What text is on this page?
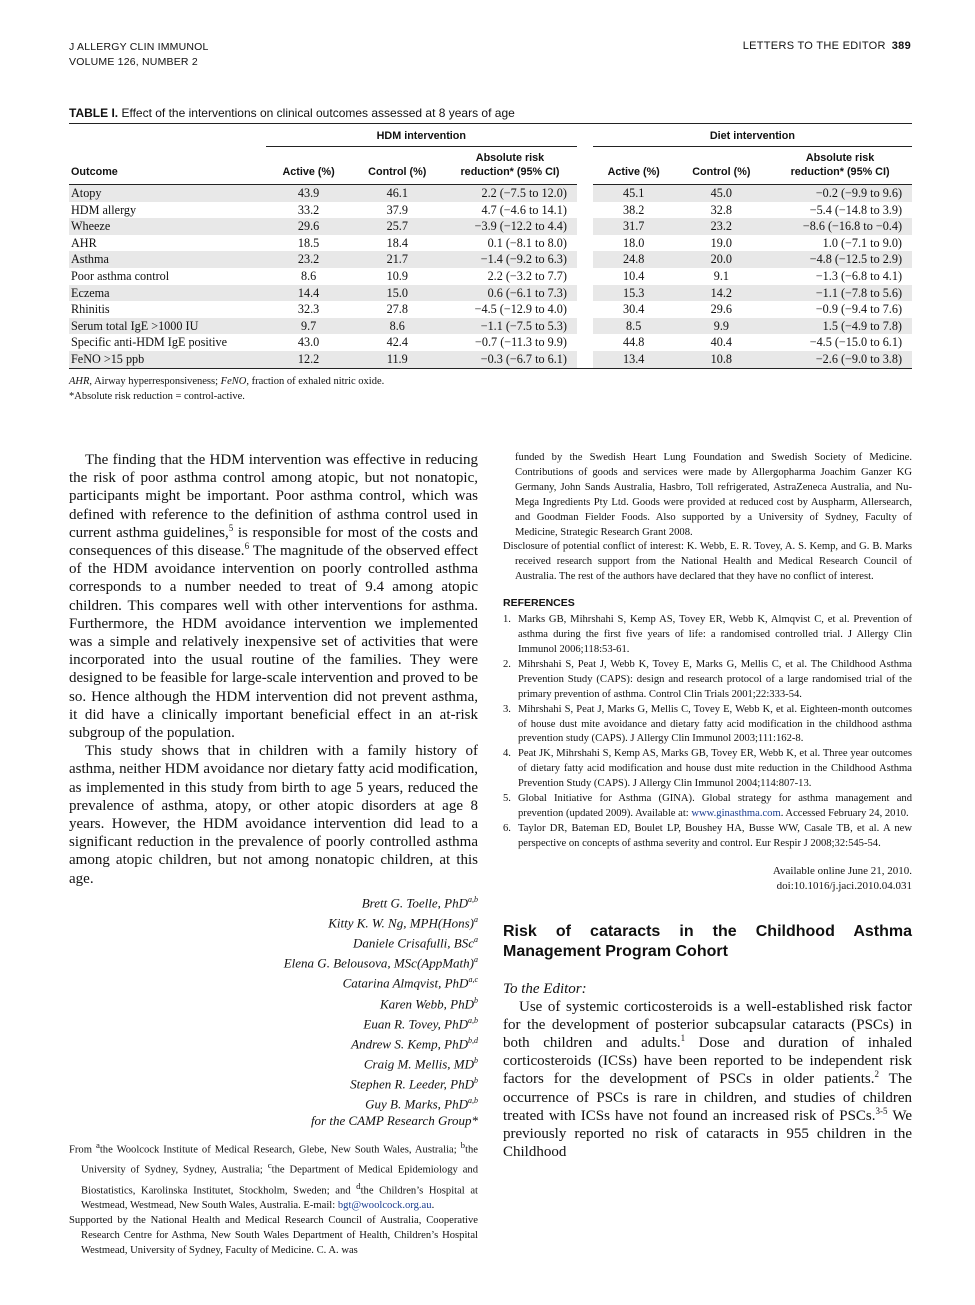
J ALLERGY CLIN IMMUNOL
VOLUME 126, NUMBER 2
LETTERS TO THE EDITOR 389
TABLE I. Effect of the interventions on clinical outcomes assessed at 8 years of age
	HDM intervention				Diet intervention		
Outcome	Active (%)	Control (%)	Absolute risk
reduction* (95% CI)		Active (%)	Control (%)	Absolute risk
reduction* (95% CI)
Atopy	43.9	46.1	2.2 (−7.5 to 12.0)		45.1	45.0	−0.2 (−9.9 to 9.6)
HDM allergy	33.2	37.9	4.7 (−4.6 to 14.1)		38.2	32.8	−5.4 (−14.8 to 3.9)
Wheeze	29.6	25.7	−3.9 (−12.2 to 4.4)		31.7	23.2	−8.6 (−16.8 to −0.4)
AHR	18.5	18.4	0.1 (−8.1 to 8.0)		18.0	19.0	1.0 (−7.1 to 9.0)
Asthma	23.2	21.7	−1.4 (−9.2 to 6.3)		24.8	20.0	−4.8 (−12.5 to 2.9)
Poor asthma control	8.6	10.9	2.2 (−3.2 to 7.7)		10.4	9.1	−1.3 (−6.8 to 4.1)
Eczema	14.4	15.0	0.6 (−6.1 to 7.3)		15.3	14.2	−1.1 (−7.8 to 5.6)
Rhinitis	32.3	27.8	−4.5 (−12.9 to 4.0)		30.4	29.6	−0.9 (−9.4 to 7.6)
Serum total IgE >1000 IU	9.7	8.6	−1.1 (−7.5 to 5.3)		8.5	9.9	1.5 (−4.9 to 7.8)
Specific anti-HDM IgE positive	43.0	42.4	−0.7 (−11.3 to 9.9)		44.8	40.4	−4.5 (−15.0 to 6.1)
FeNO >15 ppb	12.2	11.9	−0.3 (−6.7 to 6.1)		13.4	10.8	−2.6 (−9.0 to 3.8)
AHR, Airway hyperresponsiveness; FeNO, fraction of exhaled nitric oxide.
*Absolute risk reduction = control-active.

The finding that the HDM intervention was effective in reducing the risk of poor asthma control among atopic, but not nonatopic, participants might be important. Poor asthma control, which was defined with reference to the definition of asthma control used in current asthma guidelines,$^5$ is responsible for most of the costs and consequences of this disease.$^6$ The magnitude of the observed effect of the HDM avoidance intervention on poorly controlled asthma corresponds to a number needed to treat of 9.4 among atopic children. This compares well with other interventions for asthma. Furthermore, the HDM avoidance intervention we implemented was a simple and relatively inexpensive set of activities that were incorporated into the usual routine of the families. They were designed to be feasible for large-scale intervention and proved to be so. Hence although the HDM intervention did not prevent asthma, it did have a clinically important beneficial effect in an at-risk subgroup of the population.

This study shows that in children with a family history of asthma, neither HDM avoidance nor dietary fatty acid modification, as implemented in this study from birth to age 5 years, reduced the prevalence of asthma, atopy, or other atopic disorders at age 8 years. However, the HDM avoidance intervention did lead to a significant reduction in the prevalence of poorly controlled asthma among atopic children, but not among nonatopic children, at this age.

Brett G. Toelle, PhD$^{a,b}$
Kitty K. W. Ng, MPH(Hons)$^a$
Daniele Crisafulli, BSc$^a$
Elena G. Belousova, MSc(AppMath)$^a$
Catarina Almqvist, PhD$^{a,c}$
Karen Webb, PhD$^b$
Euan R. Tovey, PhD$^{a,b}$
Andrew S. Kemp, PhD$^{b,d}$
Craig M. Mellis, $MD^b$
Stephen R. Leeder, PhD$^b$
Guy B. Marks, PhD$^{a,b}$
for the CAMP Research Group*

From $^a$the Woolcock Institute of Medical Research, Glebe, New South Wales, Australia; $^b$the University of Sydney, Sydney, Australia; $^c$the Department of Medical Epidemiology and Biostatistics, Karolinska Institutet, Stockholm, Sweden; and $^d$the Children’s Hospital at Westmead, Westmead, New South Wales, Australia. E-mail: bgt@woolcock.org.au.

Supported by the National Health and Medical Research Council of Australia, Cooperative Research Centre for Asthma, New South Wales Department of Health, Children’s Hospital Westmead, University of Sydney, Faculty of Medicine. C. A. was

funded by the Swedish Heart Lung Foundation and Swedish Society of Medicine. Contributions of goods and services were made by Allergopharma Joachim Ganzer KG Germany, John Sands Australia, Hasbro, Toll refrigerated, AstraZeneca Australia, and Nu-Mega Ingredients Pty Ltd. Goods were provided at reduced cost by Auspharm, Allersearch, and Goodman Fielder Foods. Also supported by a University of Sydney, Faculty of Medicine, Strategic Research Grant 2008.

Disclosure of potential conflict of interest: K. Webb, E. R. Tovey, A. S. Kemp, and G. B. Marks received research support from the National Health and Medical Research Council of Australia. The rest of the authors have declared that they have no conflict of interest.

REFERENCES
1. Marks GB, Mihrshahi S, Kemp AS, Tovey ER, Webb K, Almqvist C, et al. Prevention of asthma during the first five years of life: a randomised controlled trial. J Allergy Clin Immunol 2006;118:53-61.
2. Mihrshahi S, Peat J, Webb K, Tovey E, Marks G, Mellis C, et al. The Childhood Asthma Prevention Study (CAPS): design and research protocol of a large randomised trial of the primary prevention of asthma. Control Clin Trials 2001;22:333-54.
3. Mihrshahi S, Peat J, Marks G, Mellis C, Tovey E, Webb K, et al. Eighteen-month outcomes of house dust mite avoidance and dietary fatty acid modification in the childhood asthma prevention study (CAPS). J Allergy Clin Immunol 2003;111:162-8.
4. Peat JK, Mihrshahi S, Kemp AS, Marks GB, Tovey ER, Webb K, et al. Three year outcomes of dietary fatty acid modification and house dust mite reduction in the Childhood Asthma Prevention Study (CAPS). J Allergy Clin Immunol 2004;114:807-13.
5. Global Initiative for Asthma (GINA). Global strategy for asthma management and prevention (updated 2009). Available at: www.ginasthma.com. Accessed February 24, 2010.
6. Taylor DR, Bateman ED, Boulet LP, Boushey HA, Busse WW, Casale TB, et al. A new perspective on concepts of asthma severity and control. Eur Respir J 2008;32:545-54.
Available online June 21, 2010.
doi:10.1016/j.jaci.2010.04.031
Risk of cataracts in the Childhood Asthma Management Program Cohort
To the Editor:

Use of systemic corticosteroids is a well-established risk factor for the development of posterior subcapsular cataracts (PSCs) in both children and adults.$^1$ Dose and duration of inhaled corticosteroids (ICSs) have been reported to be independent risk factors for the development of PSCs in older patients.$^2$ The occurrence of PSCs is rare in children, and studies of children treated with ICSs have not found an increased risk of PSCs.$^{3-5}$ We previously reported no risk of cataracts in 955 children in the Childhood
